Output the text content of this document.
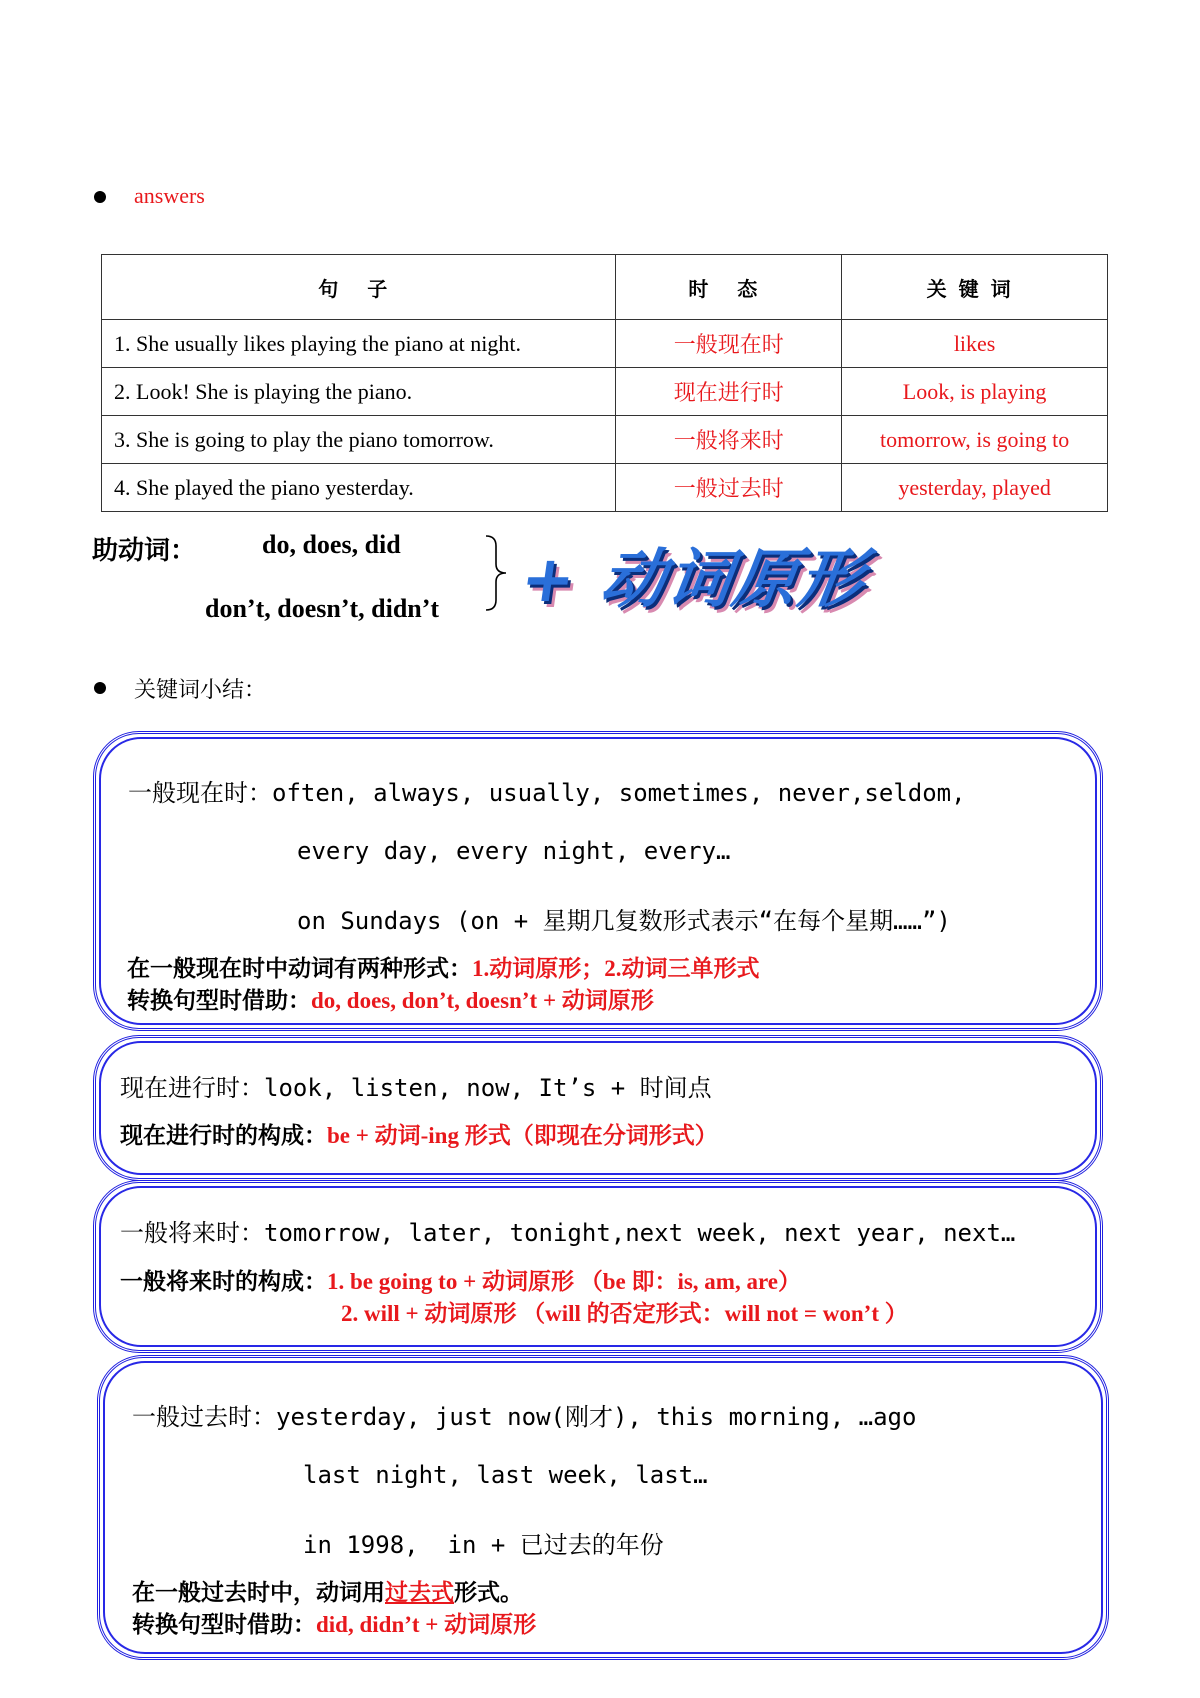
answers
句 子	时 态	关键词
1. She usually likes playing the piano at night.	一般现在时	likes
2. Look! She is playing the piano.	现在进行时	Look, is playing
3. She is going to play the piano tomorrow.	一般将来时	tomorrow, is going to
4. She played the piano yesterday.	一般过去时	yesterday, played
助动词：	do, does, did
don’t, doesn’t, didn’t + 动词原形
关键词小结：
一般现在时：often, always, usually, sometimes, never,seldom,
every day, every night, every…
on Sundays (on + 星期几复数形式表示“在每个星期……”)
在一般现在时中动词有两种形式：1.动词原形；2.动词三单形式
转换句型时借助：do, does, don’t, doesn’t + 动词原形
现在进行时：look, listen, now, It’s + 时间点
现在进行时的构成：be + 动词-ing 形式（即现在分词形式）
一般将来时：tomorrow, later, tonight,next week, next year, next…
一般将来时的构成：1. be going to + 动词原形 （be 即：is, am, are）
2. will + 动词原形 （will 的否定形式：will not = won’t ）
一般过去时：yesterday, just now(刚才), this morning, …ago
last night, last week, last…
in 1998,  in + 已过去的年份
在一般过去时中，动词用过去式形式。
转换句型时借助：did, didn’t + 动词原形
